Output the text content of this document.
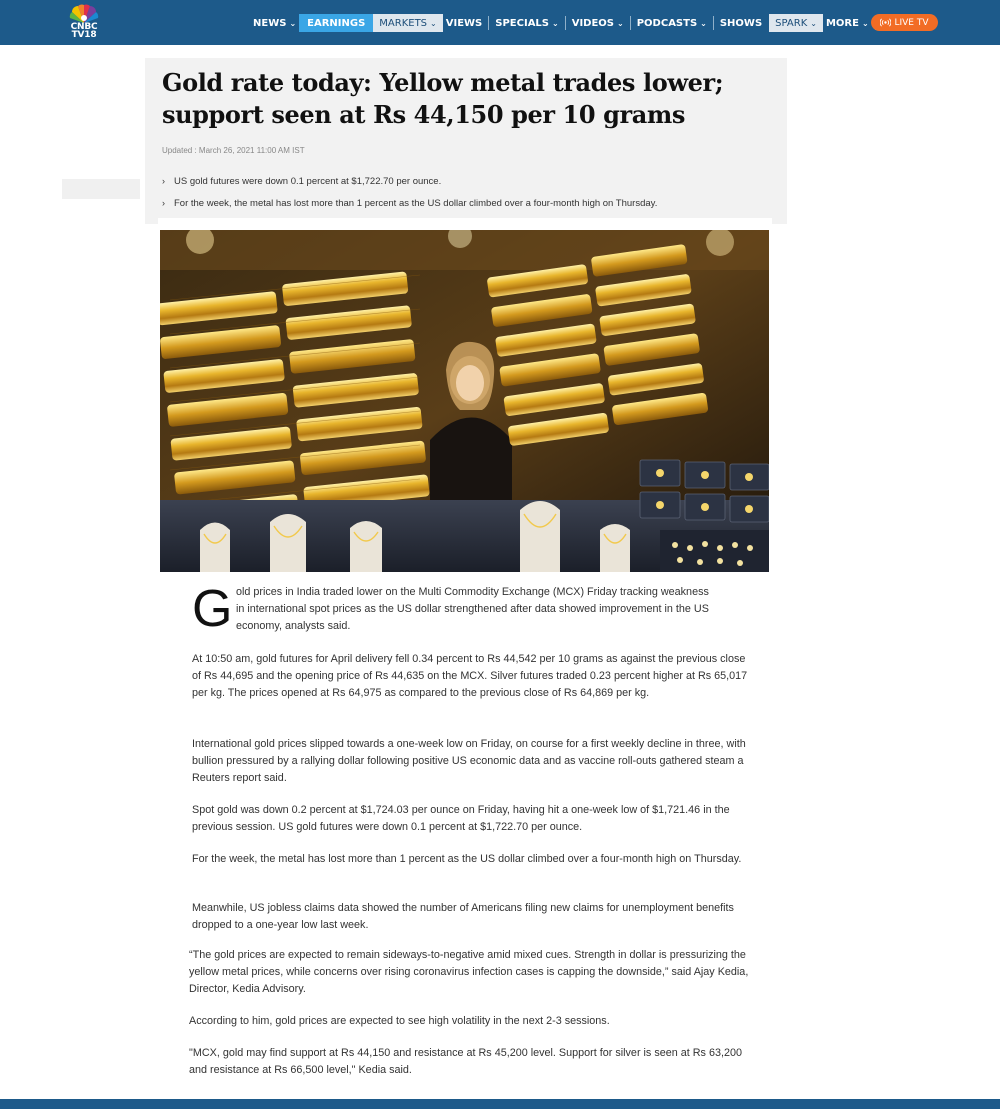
CNBC
TV18
NEWS ⌄ EARNINGS MARKETS ⌄ VIEWS SPECIALS ⌄ VIDEOS ⌄ PODCASTS ⌄ SHOWS SPARK ⌄ MORE ⌄	LIVE TV
Gold rate today: Yellow metal trades lower; support seen at Rs 44,150 per 10 grams
Updated : March 26, 2021 11:00 AM IST
› US gold futures were down 0.1 percent at $1,722.70 per ounce.
› For the week, the metal has lost more than 1 percent as the US dollar climbed over a four-month high on Thursday.
G old prices in India traded lower on the Multi Commodity Exchange (MCX) Friday tracking weakness in international spot prices as the US dollar strengthened after data showed improvement in the US economy, analysts said.

At 10:50 am, gold futures for April delivery fell 0.34 percent to Rs 44,542 per 10 grams as against the previous close of Rs 44,695 and the opening price of Rs 44,635 on the MCX. Silver futures traded 0.23 percent higher at Rs 65,017 per kg. The prices opened at Rs 64,975 as compared to the previous close of Rs 64,869 per kg.

International gold prices slipped towards a one-week low on Friday, on course for a first weekly decline in three, with bullion pressured by a rallying dollar following positive US economic data and as vaccine roll-outs gathered steam a Reuters report said.

Spot gold was down 0.2 percent at $1,724.03 per ounce on Friday, having hit a one-week low of $1,721.46 in the previous session. US gold futures were down 0.1 percent at $1,722.70 per ounce.

For the week, the metal has lost more than 1 percent as the US dollar climbed over a four-month high on Thursday.

Meanwhile, US jobless claims data showed the number of Americans filing new claims for unemployment benefits dropped to a one-year low last week.

“The gold prices are expected to remain sideways-to-negative amid mixed cues. Strength in dollar is pressurizing the yellow metal prices, while concerns over rising coronavirus infection cases is capping the downside,” said Ajay Kedia, Director, Kedia Advisory.

According to him, gold prices are expected to see high volatility in the next 2-3 sessions.

"MCX, gold may find support at Rs 44,150 and resistance at Rs 45,200 level. Support for silver is seen at Rs 63,200 and resistance at Rs 66,500 level," Kedia said.
